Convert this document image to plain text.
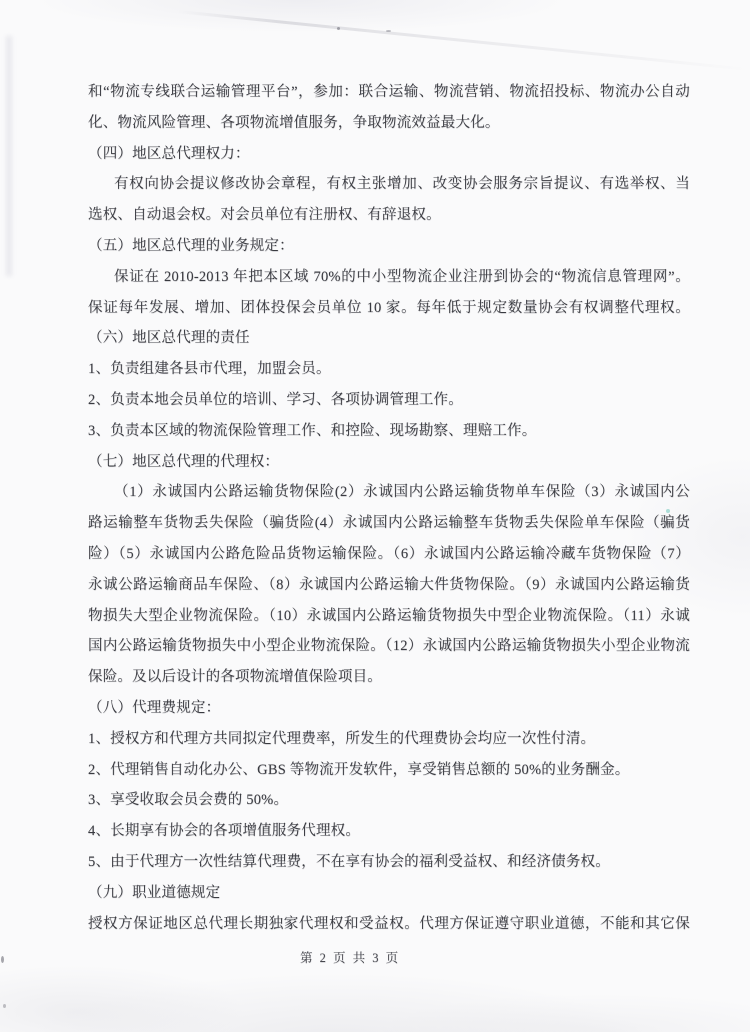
和“物流专线联合运输管理平台”，参加：联合运输、物流营销、物流招投标、物流办公自动
化、物流风险管理、各项物流增值服务，争取物流效益最大化。
（四）地区总代理权力：
有权向协会提议修改协会章程，有权主张增加、改变协会服务宗旨提议、有选举权、当
选权、自动退会权。对会员单位有注册权、有辞退权。
（五）地区总代理的业务规定：
保证在 2010-2013 年把本区域 70%的中小型物流企业注册到协会的“物流信息管理网”。
保证每年发展、增加、团体投保会员单位 10 家。每年低于规定数量协会有权调整代理权。
（六）地区总代理的责任
1、负责组建各县市代理，加盟会员。
2、负责本地会员单位的培训、学习、各项协调管理工作。
3、负责本区域的物流保险管理工作、和控险、现场勘察、理赔工作。
（七）地区总代理的代理权：
（1）永诚国内公路运输货物保险(2）永诚国内公路运输货物单车保险（3）永诚国内公
路运输整车货物丢失保险（骗货险(4）永诚国内公路运输整车货物丢失保险单车保险（骗货
险）（5）永诚国内公路危险品货物运输保险。（6）永诚国内公路运输冷藏车货物保险（7）
永诚公路运输商品车保险、（8）永诚国内公路运输大件货物保险。（9）永诚国内公路运输货
物损失大型企业物流保险。（10）永诚国内公路运输货物损失中型企业物流保险。（11）永诚
国内公路运输货物损失中小型企业物流保险。（12）永诚国内公路运输货物损失小型企业物流
保险。及以后设计的各项物流增值保险项目。
（八）代理费规定：
1、授权方和代理方共同拟定代理费率，所发生的代理费协会均应一次性付清。
2、代理销售自动化办公、GBS 等物流开发软件，享受销售总额的 50%的业务酬金。
3、享受收取会员会费的 50%。
4、长期享有协会的各项增值服务代理权。
5、由于代理方一次性结算代理费，不在享有协会的福利受益权、和经济债务权。
（九）职业道德规定
授权方保证地区总代理长期独家代理权和受益权。代理方保证遵守职业道德，不能和其它保
第 2 页 共 3 页
